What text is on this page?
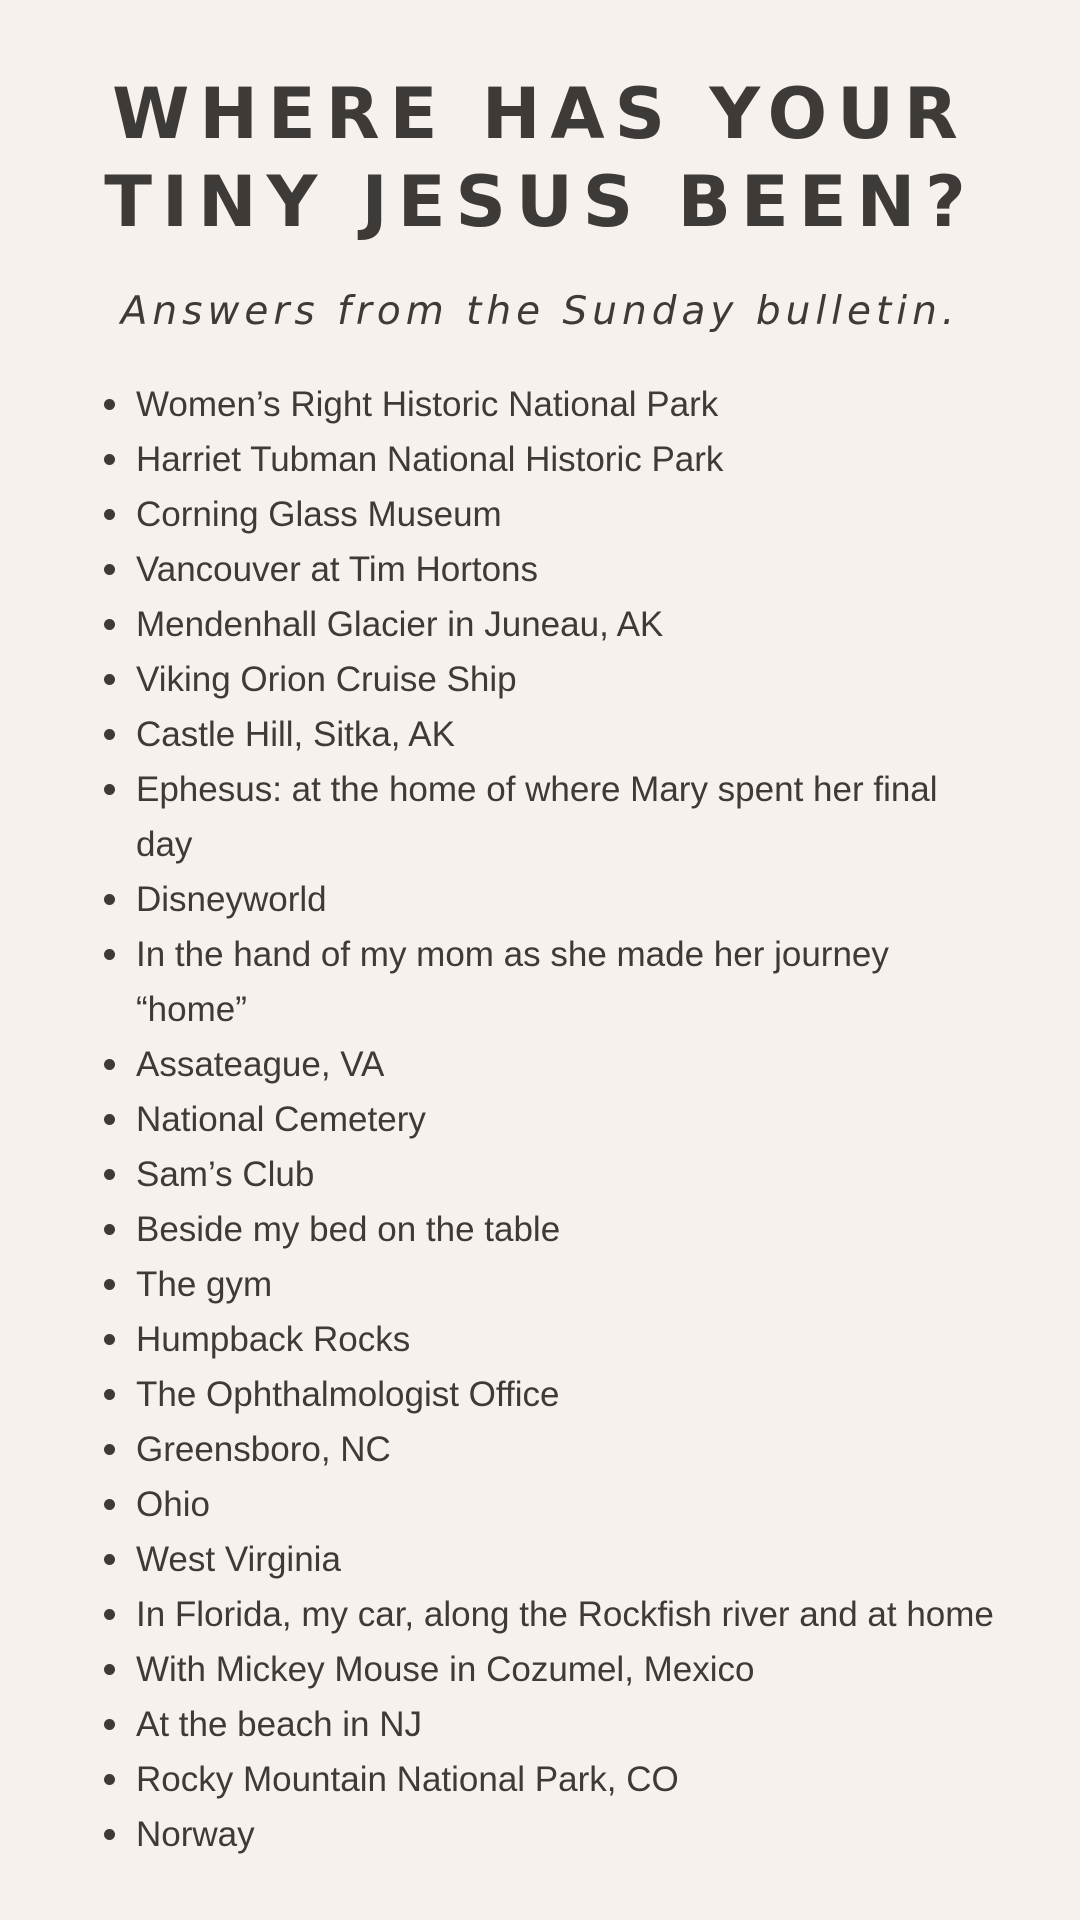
WHERE HAS YOUR
TINY JESUS BEEN?

Answers from the Sunday bulletin.

Women’s Right Historic National Park
Harriet Tubman National Historic Park
Corning Glass Museum
Vancouver at Tim Hortons
Mendenhall Glacier in Juneau, AK
Viking Orion Cruise Ship
Castle Hill, Sitka, AK
Ephesus: at the home of where Mary spent her final
day
Disneyworld
In the hand of my mom as she made her journey
“home”
Assateague, VA
National Cemetery
Sam’s Club
Beside my bed on the table
The gym
Humpback Rocks
The Ophthalmologist Office
Greensboro, NC
Ohio
West Virginia
In Florida, my car, along the Rockfish river and at home
With Mickey Mouse in Cozumel, Mexico
At the beach in NJ
Rocky Mountain National Park, CO
Norway
